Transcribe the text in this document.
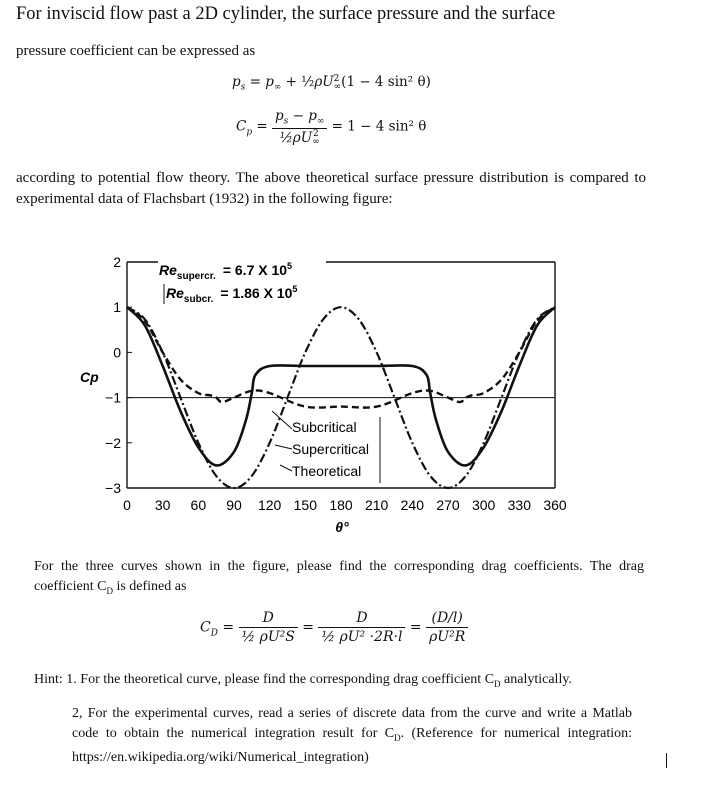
For inviscid flow past a 2D cylinder, the surface pressure and the surface
pressure coefficient can be expressed as
$p_s = p_\infty$ + ½ρU 2
∞ (1 − 4 sin² θ)
$C_p = p_s - p_\infty$
½ρU 2
∞ = 1 − 4 sin² θ
according to potential flow theory. The above theoretical surface pressure distribution is compared to experimental data of Flachsbart (1932) in the following figure:
2
1
0
−1
−2
−3
0 30 60 90 120 150 180 210 240 270 300 330 360
Cp
θ°
$Re_{supercr.} = 6.7$ X $10^5$
$Re_{subcr.} = 1.86$ X $10^5$
Subcritical
Supercritical
Theoretical
For the three curves shown in the figure, please find the corresponding drag coefficients. The drag coefficient $C_D$ is defined as
$C_D = \frac{D}{\text{½ ρU²S}} = \frac{D}{\text{½ ρU² ·2R·l}} = \frac{(D/l)}{\text{ρU²R}}$
Hint: 1. For the theoretical curve, please find the corresponding drag coefficient $C_D$ analytically.
2, For the experimental curves, read a series of discrete data from the curve and write a Matlab code to obtain the numerical integration result for $C_D$. (Reference for numerical integration: https://en.wikipedia.org/wiki/Numerical_integration)
